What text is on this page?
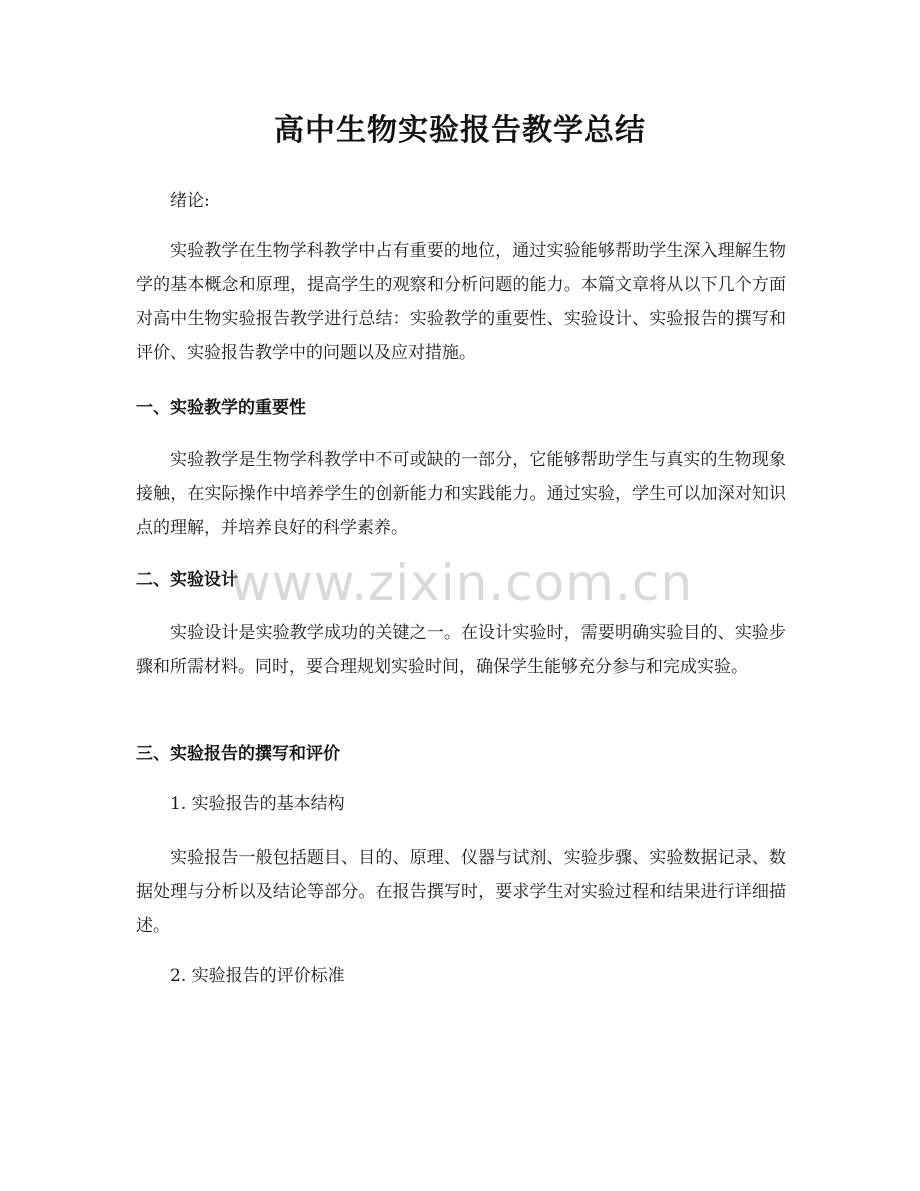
高中生物实验报告教学总结
绪论:
实验教学在生物学科教学中占有重要的地位，通过实验能够帮助学生深入理解生物学的基本概念和原理，提高学生的观察和分析问题的能力。本篇文章将从以下几个方面对高中生物实验报告教学进行总结：实验教学的重要性、实验设计、实验报告的撰写和评价、实验报告教学中的问题以及应对措施。
一、实验教学的重要性
实验教学是生物学科教学中不可或缺的一部分，它能够帮助学生与真实的生物现象接触，在实际操作中培养学生的创新能力和实践能力。通过实验，学生可以加深对知识点的理解，并培养良好的科学素养。
二、实验设计
实验设计是实验教学成功的关键之一。在设计实验时，需要明确实验目的、实验步骤和所需材料。同时，要合理规划实验时间，确保学生能够充分参与和完成实验。
三、实验报告的撰写和评价
1. 实验报告的基本结构
实验报告一般包括题目、目的、原理、仪器与试剂、实验步骤、实验数据记录、数据处理与分析以及结论等部分。在报告撰写时，要求学生对实验过程和结果进行详细描述。
2. 实验报告的评价标准
www.zixin.com.cn
